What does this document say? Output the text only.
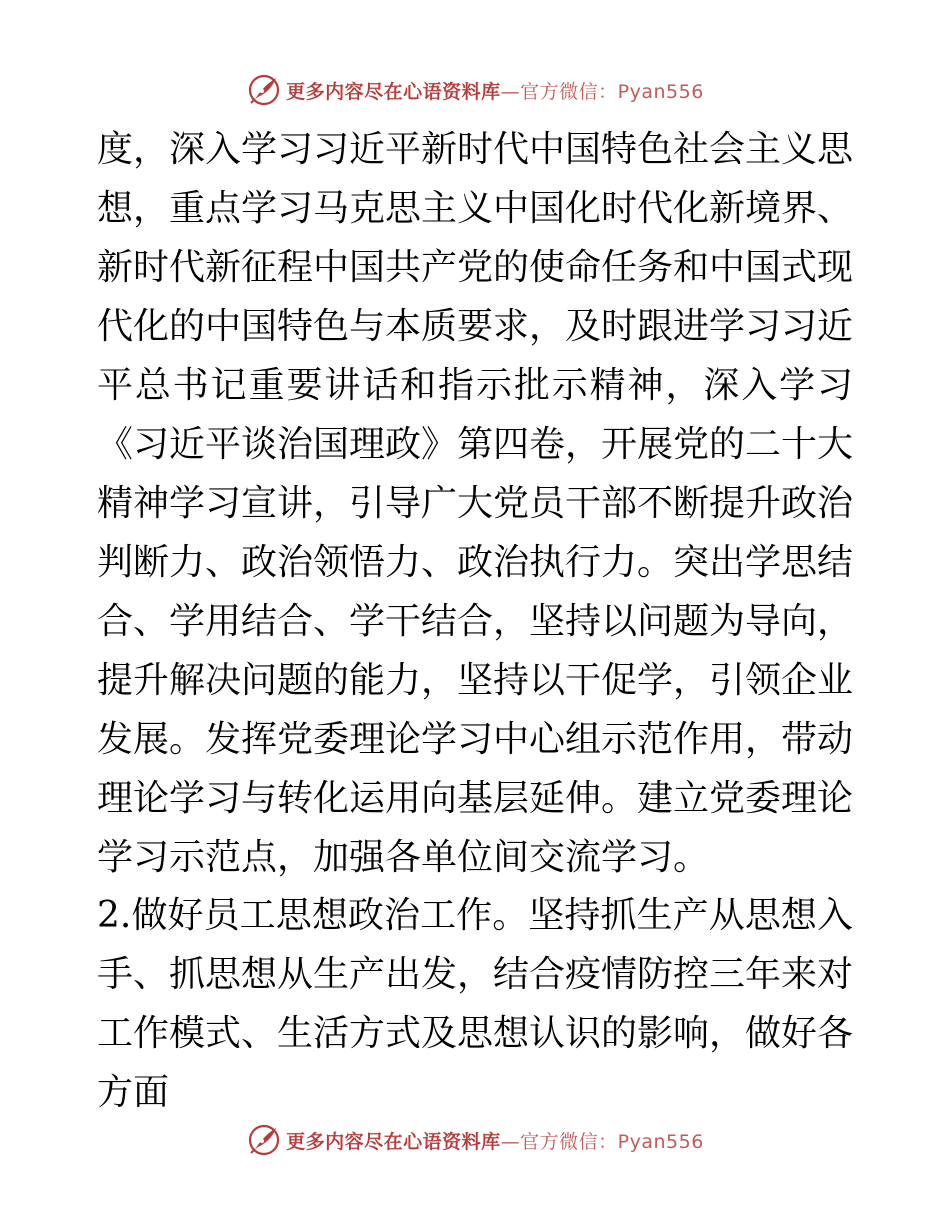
更多内容尽在心语资料库 —官方微信：Pyan556

度，深入学习习近平新时代中国特色社会主义思想，重点学习马克思主义中国化时代化新境界、新时代新征程中国共产党的使命任务和中国式现代化的中国特色与本质要求，及时跟进学习习近平总书记重要讲话和指示批示精神，深入学习《习近平谈治国理政》第四卷，开展党的二十大精神学习宣讲，引导广大党员干部不断提升政治判断力、政治领悟力、政治执行力。突出学思结合、学用结合、学干结合，坚持以问题为导向，提升解决问题的能力，坚持以干促学，引领企业发展。发挥党委理论学习中心组示范作用，带动理论学习与转化运用向基层延伸。建立党委理论学习示范点，加强各单位间交流学习。

2.做好员工思想政治工作。坚持抓生产从思想入手、抓思想从生产出发，结合疫情防控三年来对工作模式、生活方式及思想认识的影响，做好各方面

更多内容尽在心语资料库 —官方微信：Pyan556
